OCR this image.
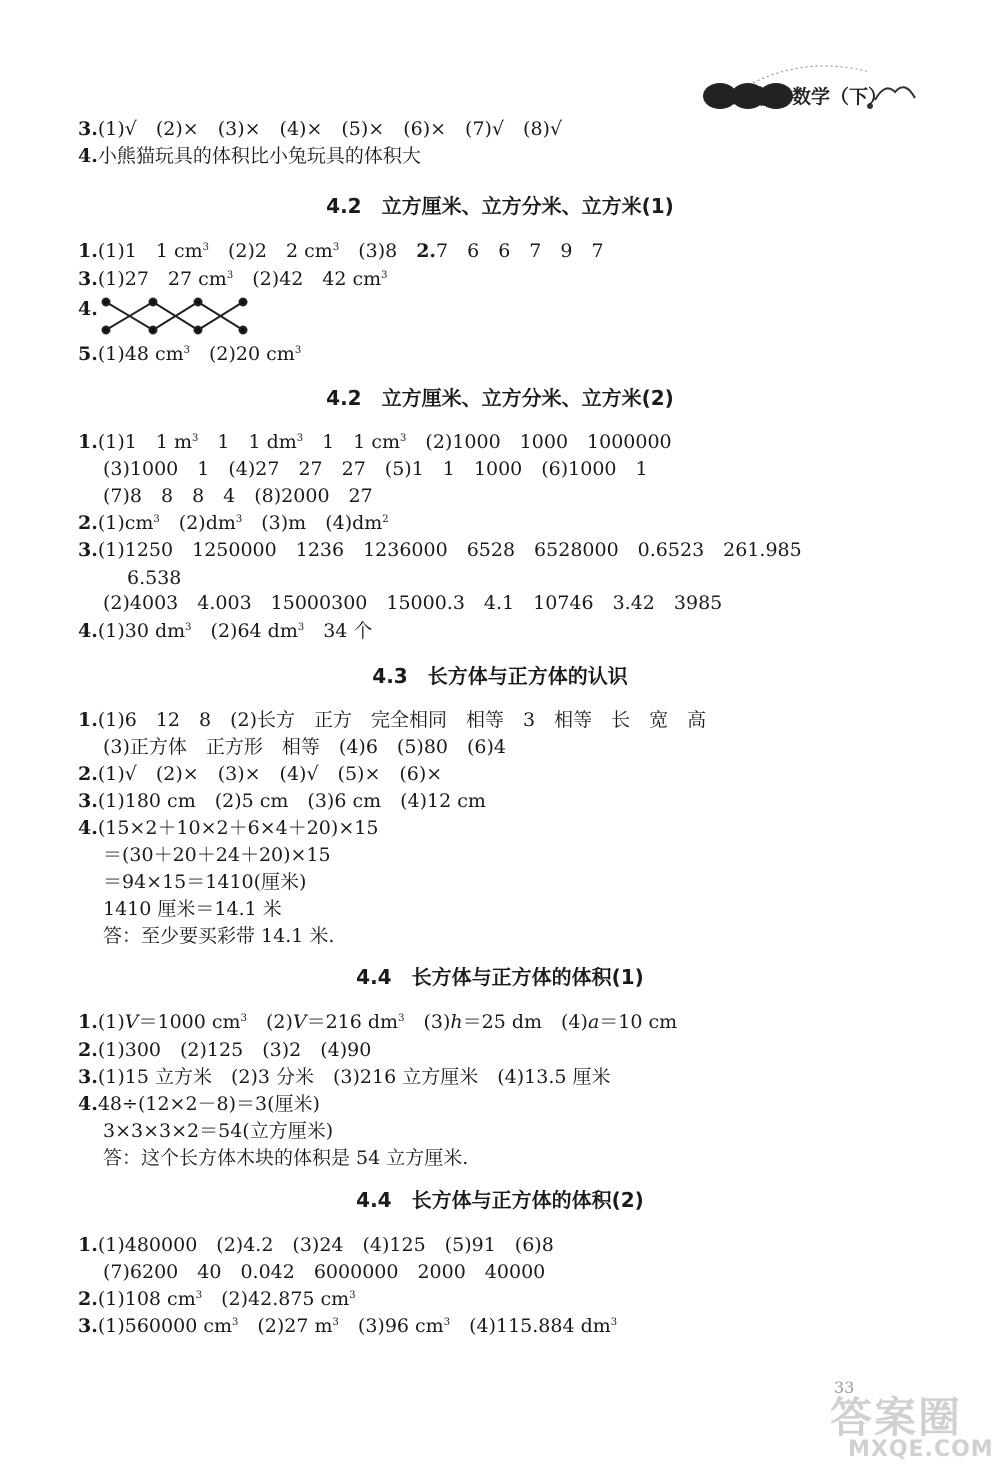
五年级 数学（下）
3.(1)√　(2)×　(3)×　(4)×　(5)×　(6)×　(7)√　(8)√
4.小熊猫玩具的体积比小兔玩具的体积大
4.2　立方厘米、立方分米、立方米(1)
1.(1)1　1 $cm^3$　(2)2　2 $cm^3$　(3)8　2.7　6　6　7　9　7
3.(1)27　27 $cm^3$　(2)42　42 $cm^3$
4.
5.(1)48 $cm^3$　(2)20 $cm^3$
4.2　立方厘米、立方分米、立方米(2)
1.(1)1　1 $m^3$　1　1 $dm^3$　1　1 $cm^3$　(2)1000　1000　1000000
(3)1000　1　(4)27　27　27　(5)1　1　1000　(6)1000　1
(7)8　8　8　4　(8)2000　27
$2.(1)cm^3$　$(2)dm^3$　(3)m　$(4)dm^2$
3.(1)1250　1250000　1236　1236000　6528　6528000　0.6523　261.985
6.538
(2)4003　4.003　15000300　15000.3　4.1　10746　3.42　3985
4.(1)30 $dm^3$　(2)64 $dm^3$　34 个
4.3　长方体与正方体的认识
1.(1)6　12　8　(2)长方　正方　完全相同　相等　3　相等　长　宽　高
(3)正方体　正方形　相等　(4)6　(5)80　(6)4
2.(1)√　(2)×　(3)×　(4)√　(5)×　(6)×
3.(1)180 cm　(2)5 cm　(3)6 cm　(4)12 cm
4.(15×2＋10×2＋6×4＋20)×15
＝(30＋20＋24＋20)×15
＝94×15＝1410(厘米)
1410 厘米＝14.1 米
答：至少要买彩带 14.1 米.
4.4　长方体与正方体的体积(1)
1.(1)V＝1000 $cm^3$　(2)V＝216 $dm^3$　(3)h＝25 dm　(4)a＝10 cm
2.(1)300　(2)125　(3)2　(4)90
3.(1)15 立方米　(2)3 分米　(3)216 立方厘米　(4)13.5 厘米
4.48÷(12×2－8)＝3(厘米)
3×3×3×2＝54(立方厘米)
答：这个长方体木块的体积是 54 立方厘米.
4.4　长方体与正方体的体积(2)
1.(1)480000　(2)4.2　(3)24　(4)125　(5)91　(6)8
(7)6200　40　0.042　6000000　2000　40000
2.(1)108 $cm^3$　(2)42.875 $cm^3$
3.(1)560000 $cm^3$　(2)27 $m^3$　(3)96 $cm^3$　(4)115.884 $dm^3$
33
答案圈
MXQE.COM
